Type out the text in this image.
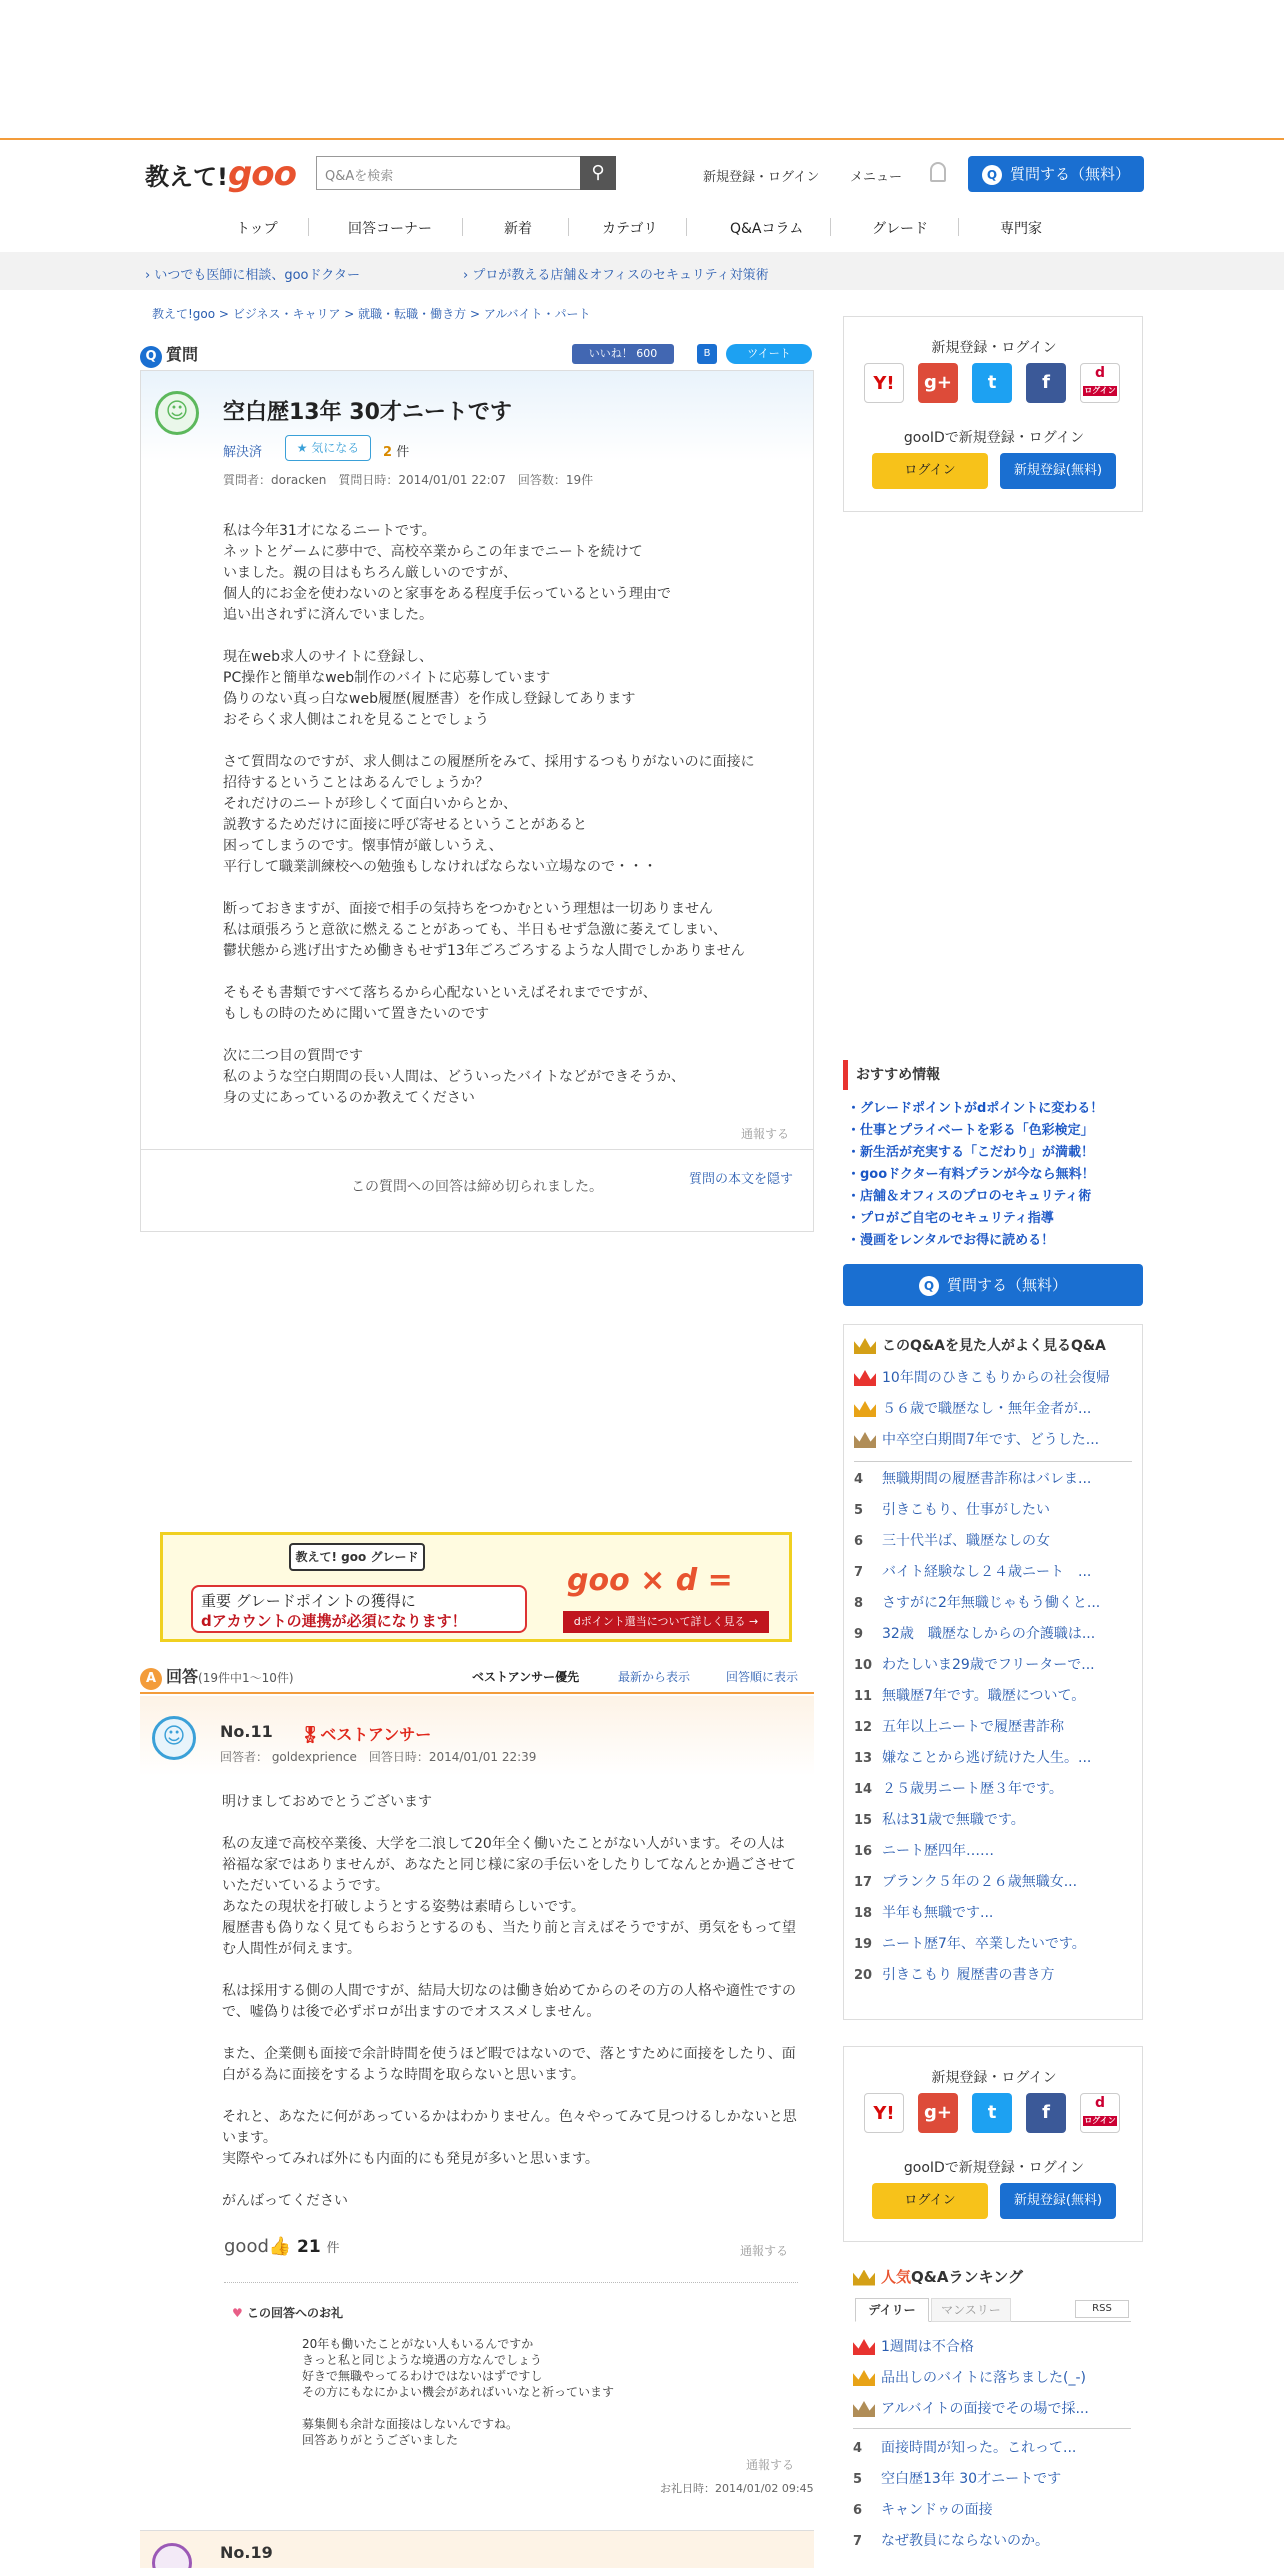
教えて!goo Q&Aを検索	⚲	新規登録・ログイン メニュー	Q 質問する（無料）
トップ	回答コーナー	新着	カテゴリ	Q&Aコラム	グレード	専門家
› いつでも医師に相談、gooドクター	› プロが教える店舗＆オフィスのセキュリティ対策術
教えて!goo > ビジネス・キャリア > 就職・転職・働き方 > アルバイト・パート
Q 質問	いいね！ 600	B	ツイート
☺	空白歴13年 30才ニートです
解決済	★ 気になる	2 件
質問者：doracken　質問日時：2014/01/01 22:07　回答数：19件
私は今年31才になるニートです。
ネットとゲームに夢中で、高校卒業からこの年までニートを続けて
いました。親の目はもちろん厳しいのですが、
個人的にお金を使わないのと家事をある程度手伝っているという理由で
追い出されずに済んでいました。

現在web求人のサイトに登録し、
PC操作と簡単なweb制作のバイトに応募しています
偽りのない真っ白なweb履歴(履歴書）を作成し登録してあります
おそらく求人側はこれを見ることでしょう

さて質問なのですが、求人側はこの履歴所をみて、採用するつもりがないのに面接に
招待するということはあるんでしょうか？
それだけのニートが珍しくて面白いからとか、
説教するためだけに面接に呼び寄せるということがあると
困ってしまうのです。懐事情が厳しいうえ、
平行して職業訓練校への勉強もしなければならない立場なので・・・

断っておきますが、面接で相手の気持ちをつかむという理想は一切ありません
私は頑張ろうと意欲に燃えることがあっても、半日もせず急激に萎えてしまい、
鬱状態から逃げ出すため働きもせず13年ごろごろするような人間でしかありません

そもそも書類ですべて落ちるから心配ないといえばそれまでですが、
もしもの時のために聞いて置きたいのです

次に二つ目の質問です
私のような空白期間の長い人間は、どういったバイトなどができそうか、
身の丈にあっているのか教えてください
通報する
この質問への回答は締め切られました。	質問の本文を隠す
教えて! goo グレード
重要 グレードポイントの獲得に
dアカウントの連携が必須になります！
goo × d =
dポイント還当について詳しく見る →
A 回答(19件中1～10件)	ベストアンサー優先	最新から表示	回答順に表示
☺	No.11 🎖ベストアンサー
回答者： goldexprience　回答日時：2014/01/01 22:39
明けましておめでとうございます

私の友達で高校卒業後、大学を二浪して20年全く働いたことがない人がいます。その人は裕福な家ではありませんが、あなたと同じ様に家の手伝いをしたりしてなんとか過ごさせていただいているようです。
あなたの現状を打破しようとする姿勢は素晴らしいです。
履歴書も偽りなく見てもらおうとするのも、当たり前と言えばそうですが、勇気をもって望む人間性が伺えます。

私は採用する側の人間ですが、結局大切なのは働き始めてからのその方の人格や適性ですので、嘘偽りは後で必ずボロが出ますのでオススメしません。

また、企業側も面接で余計時間を使うほど暇ではないので、落とすために面接をしたり、面白がる為に面接をするような時間を取らないと思います。

それと、あなたに何があっているかはわかりません。色々やってみて見つけるしかないと思います。
実際やってみれば外にも内面的にも発見が多いと思います。

がんばってください
good👍 21 件	通報する
♥ この回答へのお礼
20年も働いたことがない人もいるんですか
きっと私と同じような境遇の方なんでしょう
好きで無職やってるわけではないはずですし
その方にもなにかよい機会があればいいなと祈っています

募集側も余計な面接はしないんですね。
回答ありがとうございました
通報する
お礼日時：2014/01/02 09:45
No.19
新規登録・ログイン
gooIDで新規登録・ログイン
ログイン	新規登録(無料)
Y!	g+	t	f	d
ログイン
おすすめ情報
・グレードポイントがdポイントに変わる！
・仕事とプライベートを彩る「色彩検定」
・新生活が充実する「こだわり」が満載！
・gooドクター有料プランが今なら無料！
・店舗＆オフィスのプロのセキュリティ術
・プロがご自宅のセキュリティ指導
・漫画をレンタルでお得に読める！
Q 質問する（無料）
このQ&Aを見た人がよく見るQ&A
10年間のひきこもりからの社会復帰
５６歳で職歴なし・無年金者が...
中卒空白期間7年です、どうした...
4 無職期間の履歴書詐称はバレま...
5 引きこもり、仕事がしたい
6 三十代半ば、職歴なしの女
7 バイト経験なし２４歳ニート　...
8 さすがに2年無職じゃもう働くと...
9 32歳　職歴なしからの介護職は...
10 わたしいま29歳でフリーターで...
11 無職歴7年です。職歴について。
12 五年以上ニートで履歴書詐称
13 嫌なことから逃げ続けた人生。...
14 ２５歳男ニート歴３年です。
15 私は31歳で無職です。
16 ニート歴四年……
17 ブランク５年の２６歳無職女...
18 半年も無職です...
19 ニート歴7年、卒業したいです。
20 引きこもり 履歴書の書き方
新規登録・ログイン
gooIDで新規登録・ログイン
ログイン	新規登録(無料)
Y!	g+	t	f	d
ログイン
人気Q&Aランキング
デイリー	マンスリー	RSS
1週間は不合格
品出しのバイトに落ちました(_-)
アルバイトの面接でその場で採...
4 面接時間が知った。これって...
5 空白歴13年 30才ニートです
6 キャンドゥの面接
7 なぜ教員にならないのか。
